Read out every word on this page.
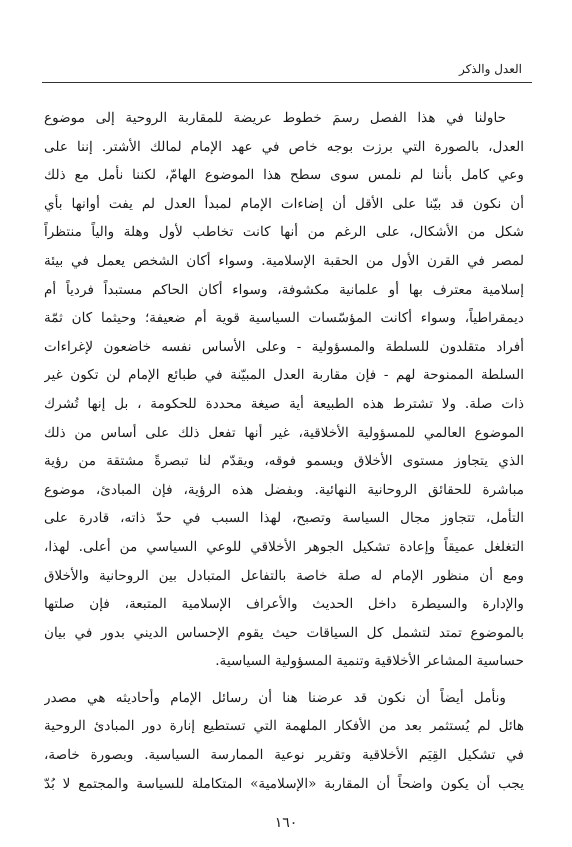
العدل والذكر
حاولنا في هذا الفصل رسمَ خطوط عريضة للمقاربة الروحية إلى موضوع
العدل، بالصورة التي برزت بوجه خاص في عهد الإمام لمالك الأشتر. إننا على
وعي كامل بأننا لم نلمس سوى سطح هذا الموضوع الهامّ، لكننا نأمل مع ذلك
أن نكون قد بيّنا على الأقل أن إضاءات الإمام لمبدأ العدل لم يفت أوانها بأي
شكل من الأشكال، على الرغم من أنها كانت تخاطب لأول وهلة والياً منتظراً
لمصر في القرن الأول من الحقبة الإسلامية. وسواء أكان الشخص يعمل في بيئة
إسلامية معترف بها أو علمانية مكشوفة، وسواء أكان الحاكم مستبداً فردياً أم
ديمقراطياً، وسواء أكانت المؤسّسات السياسية قوية أم ضعيفة؛ وحيثما كان ثمّة
أفراد متقلدون للسلطة والمسؤولية - وعلى الأساس نفسه خاضعون لإغراءات
السلطة الممنوحة لهم - فإن مقاربة العدل المبيّنة في طبائع الإمام لن تكون غير
ذات صلة. ولا تشترط هذه الطبيعة أية صيغة محددة للحكومة ، بل إنها تُشرك
الموضوع العالمي للمسؤولية الأخلاقية، غير أنها تفعل ذلك على أساس من ذلك
الذي يتجاوز مستوى الأخلاق ويسمو فوقه، ويقدّم لنا تبصرةً مشتقة من رؤية
مباشرة للحقائق الروحانية النهائية. وبفضل هذه الرؤية، فإن المبادئ، موضوع
التأمل، تتجاوز مجال السياسة وتصبح، لهذا السبب في حدّ ذاته، قادرة على
التغلغل عميقاً وإعادة تشكيل الجوهر الأخلاقي للوعي السياسي من أعلى. لهذا،
ومع أن منظور الإمام له صلة خاصة بالتفاعل المتبادل بين الروحانية والأخلاق
والإدارة والسيطرة داخل الحديث والأعراف الإسلامية المتبعة، فإن صلتها
بالموضوع تمتد لتشمل كل السياقات حيث يقوم الإحساس الديني بدور في بيان
حساسية المشاعر الأخلاقية وتنمية المسؤولية السياسية.
ونأمل أيضاً أن نكون قد عرضنا هنا أن رسائل الإمام وأحاديثه هي مصدر
هائل لم يُستثمر بعد من الأفكار الملهمة التي تستطيع إنارة دور المبادئ الروحية
في تشكيل القِيَم الأخلاقية وتقرير نوعية الممارسة السياسية. وبصورة خاصة،
يجب أن يكون واضحاً أن المقاربة «الإسلامية» المتكاملة للسياسة والمجتمع لا بُدّ
١٦٠
